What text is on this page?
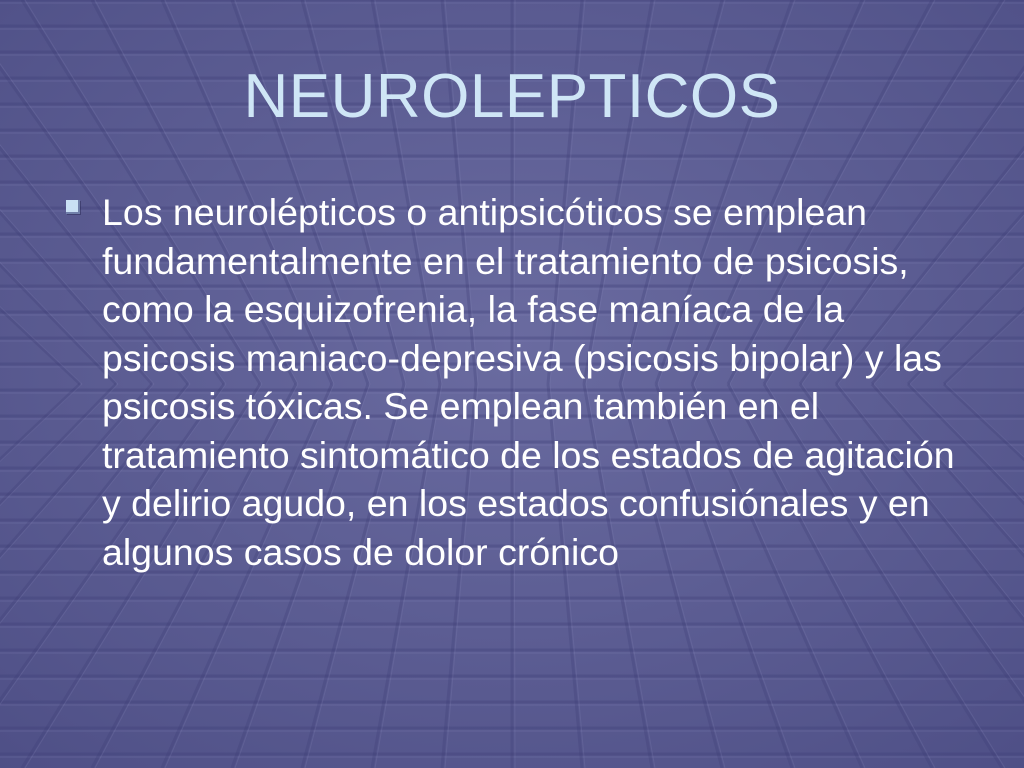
NEUROLEPTICOS

Los neurolépticos o antipsicóticos se emplean fundamentalmente en el tratamiento de psicosis, como la esquizofrenia, la fase maníaca de la psicosis maniaco-depresiva (psicosis bipolar) y las psicosis tóxicas. Se emplean también en el tratamiento sintomático de los estados de agitación y delirio agudo, en los estados confusiónales y en algunos casos de dolor crónico
